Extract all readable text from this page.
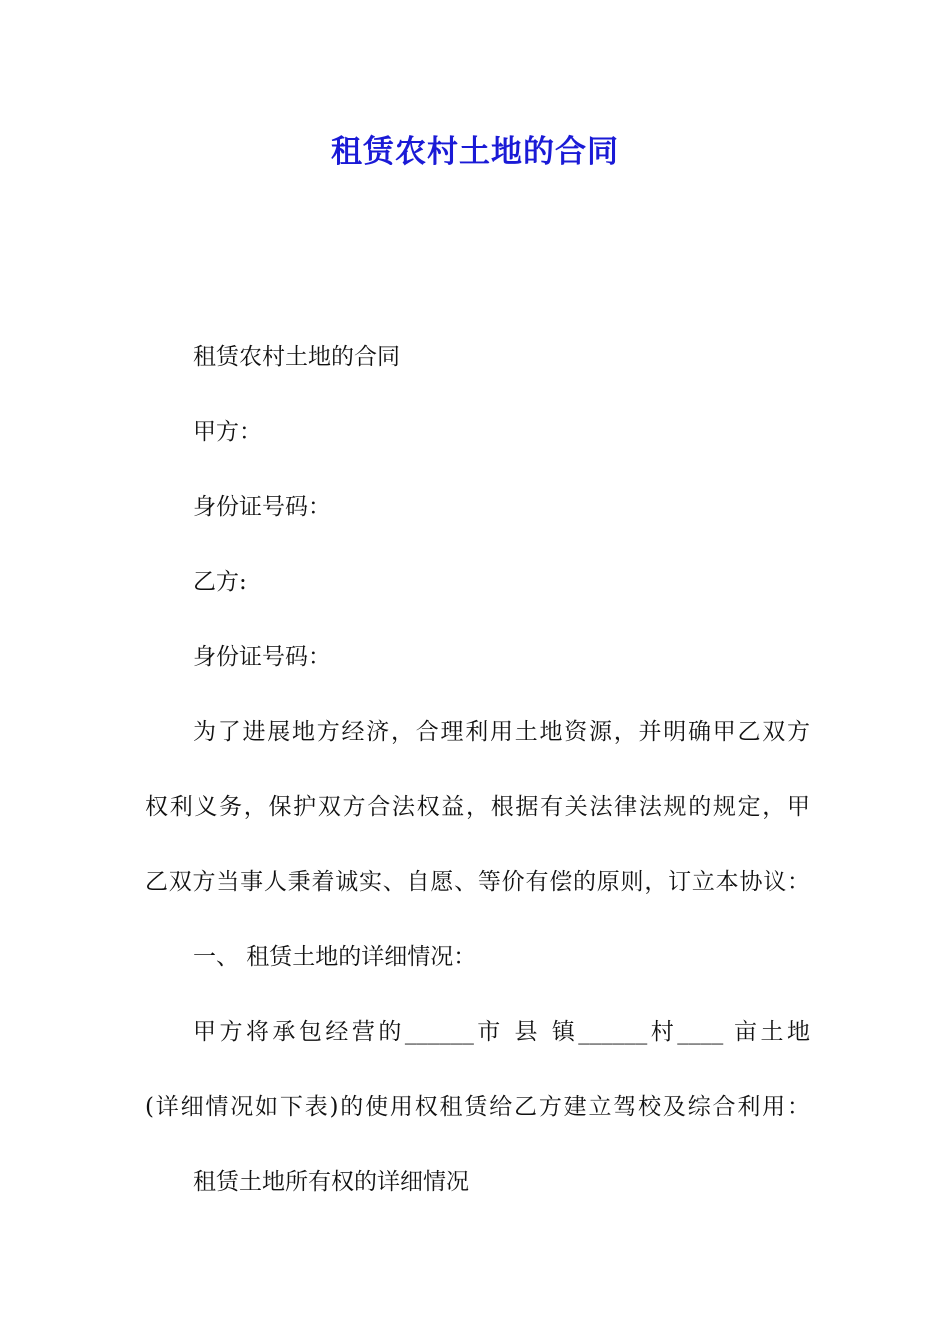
租赁农村土地的合同
租赁农村土地的合同
甲方：
身份证号码：
乙方:
身份证号码：
为了进展地方经济，合理利用土地资源，并明确甲乙双方
权利义务，保护双方合法权益，根据有关法律法规的规定，甲
乙双方当事人秉着诚实、自愿、等价有偿的原则，订立本协议：
一、 租赁土地的详细情况：
甲方将承包经营的______市 县 镇______村____ 亩土地
(详细情况如下表)的使用权租赁给乙方建立驾校及综合利用：
租赁土地所有权的详细情况
